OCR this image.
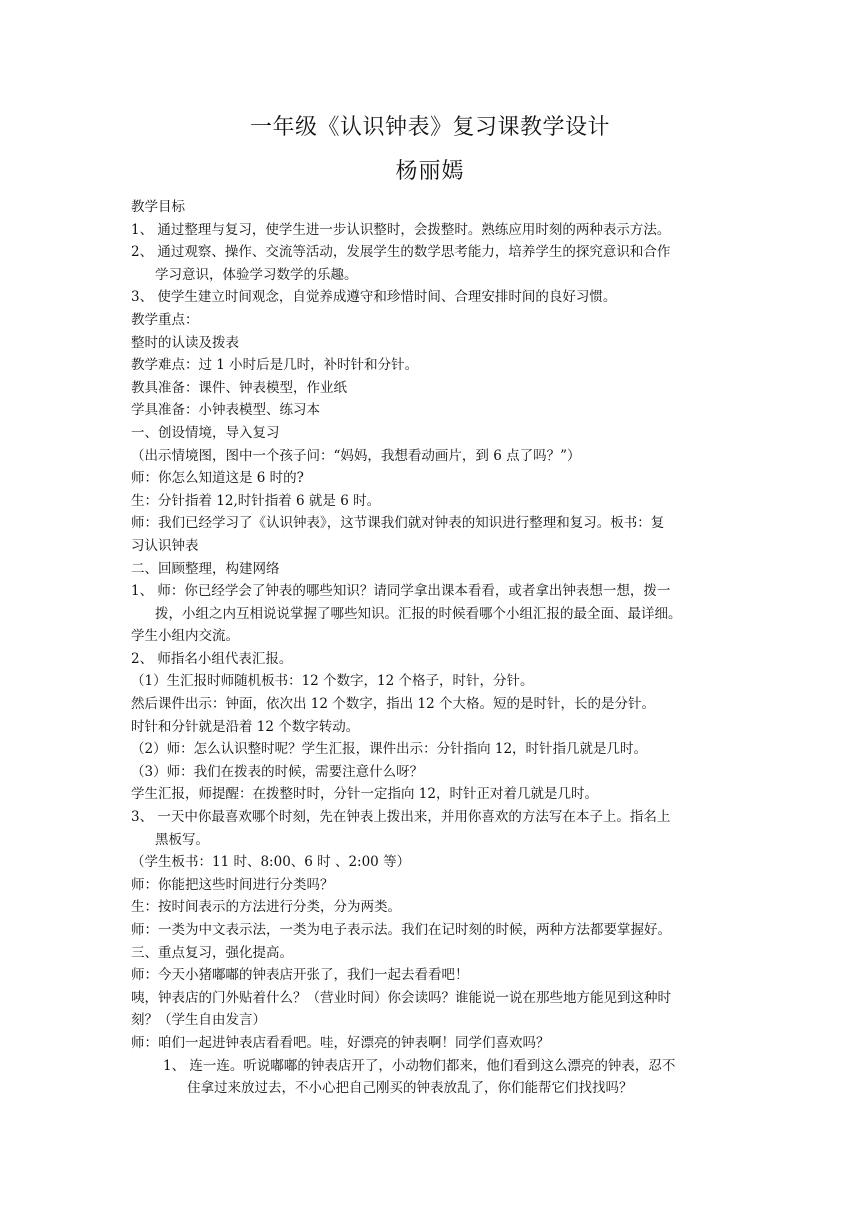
一年级《认识钟表》复习课教学设计
杨丽嫣
教学目标
1、 通过整理与复习，使学生进一步认识整时，会拨整时。熟练应用时刻的两种表示方法。
2、 通过观察、操作、交流等活动，发展学生的数学思考能力，培养学生的探究意识和合作
学习意识，体验学习数学的乐趣。
3、 使学生建立时间观念，自觉养成遵守和珍惜时间、合理安排时间的良好习惯。
教学重点：
整时的认读及拨表
教学难点：过 1 小时后是几时，补时针和分针。
教具准备：课件、钟表模型，作业纸
学具准备：小钟表模型、练习本
一、创设情境，导入复习
（出示情境图，图中一个孩子问：“妈妈，我想看动画片，到 6 点了吗？”）
师：你怎么知道这是 6 时的?
生：分针指着 12,时针指着 6 就是 6 时。
师：我们已经学习了《认识钟表》，这节课我们就对钟表的知识进行整理和复习。板书：复
习认识钟表
二、回顾整理，构建网络
1、 师：你已经学会了钟表的哪些知识？请同学拿出课本看看，或者拿出钟表想一想，拨一
拨，小组之内互相说说掌握了哪些知识。汇报的时候看哪个小组汇报的最全面、最详细。
学生小组内交流。
2、 师指名小组代表汇报。
（1）生汇报时师随机板书：12 个数字，12 个格子，时针，分针。
然后课件出示：钟面，依次出 12 个数字，指出 12 个大格。短的是时针，长的是分针。
时针和分针就是沿着 12 个数字转动。
（2）师：怎么认识整时呢？学生汇报，课件出示：分针指向 12，时针指几就是几时。
（3）师：我们在拨表的时候，需要注意什么呀？
学生汇报，师提醒：在拨整时时，分针一定指向 12，时针正对着几就是几时。
3、 一天中你最喜欢哪个时刻，先在钟表上拨出来，并用你喜欢的方法写在本子上。指名上
黑板写。
（学生板书：11 时、8:00、6 时 、2:00 等）
师：你能把这些时间进行分类吗？
生：按时间表示的方法进行分类，分为两类。
师：一类为中文表示法，一类为电子表示法。我们在记时刻的时候，两种方法都要掌握好。
三、重点复习，强化提高。
师：今天小猪嘟嘟的钟表店开张了，我们一起去看看吧！
咦，钟表店的门外贴着什么？（营业时间）你会读吗？谁能说一说在那些地方能见到这种时
刻？（学生自由发言）
师：咱们一起进钟表店看看吧。哇，好漂亮的钟表啊！同学们喜欢吗？
1、 连一连。听说嘟嘟的钟表店开了，小动物们都来，他们看到这么漂亮的钟表，忍不
住拿过来放过去，不小心把自己刚买的钟表放乱了，你们能帮它们找找吗？
